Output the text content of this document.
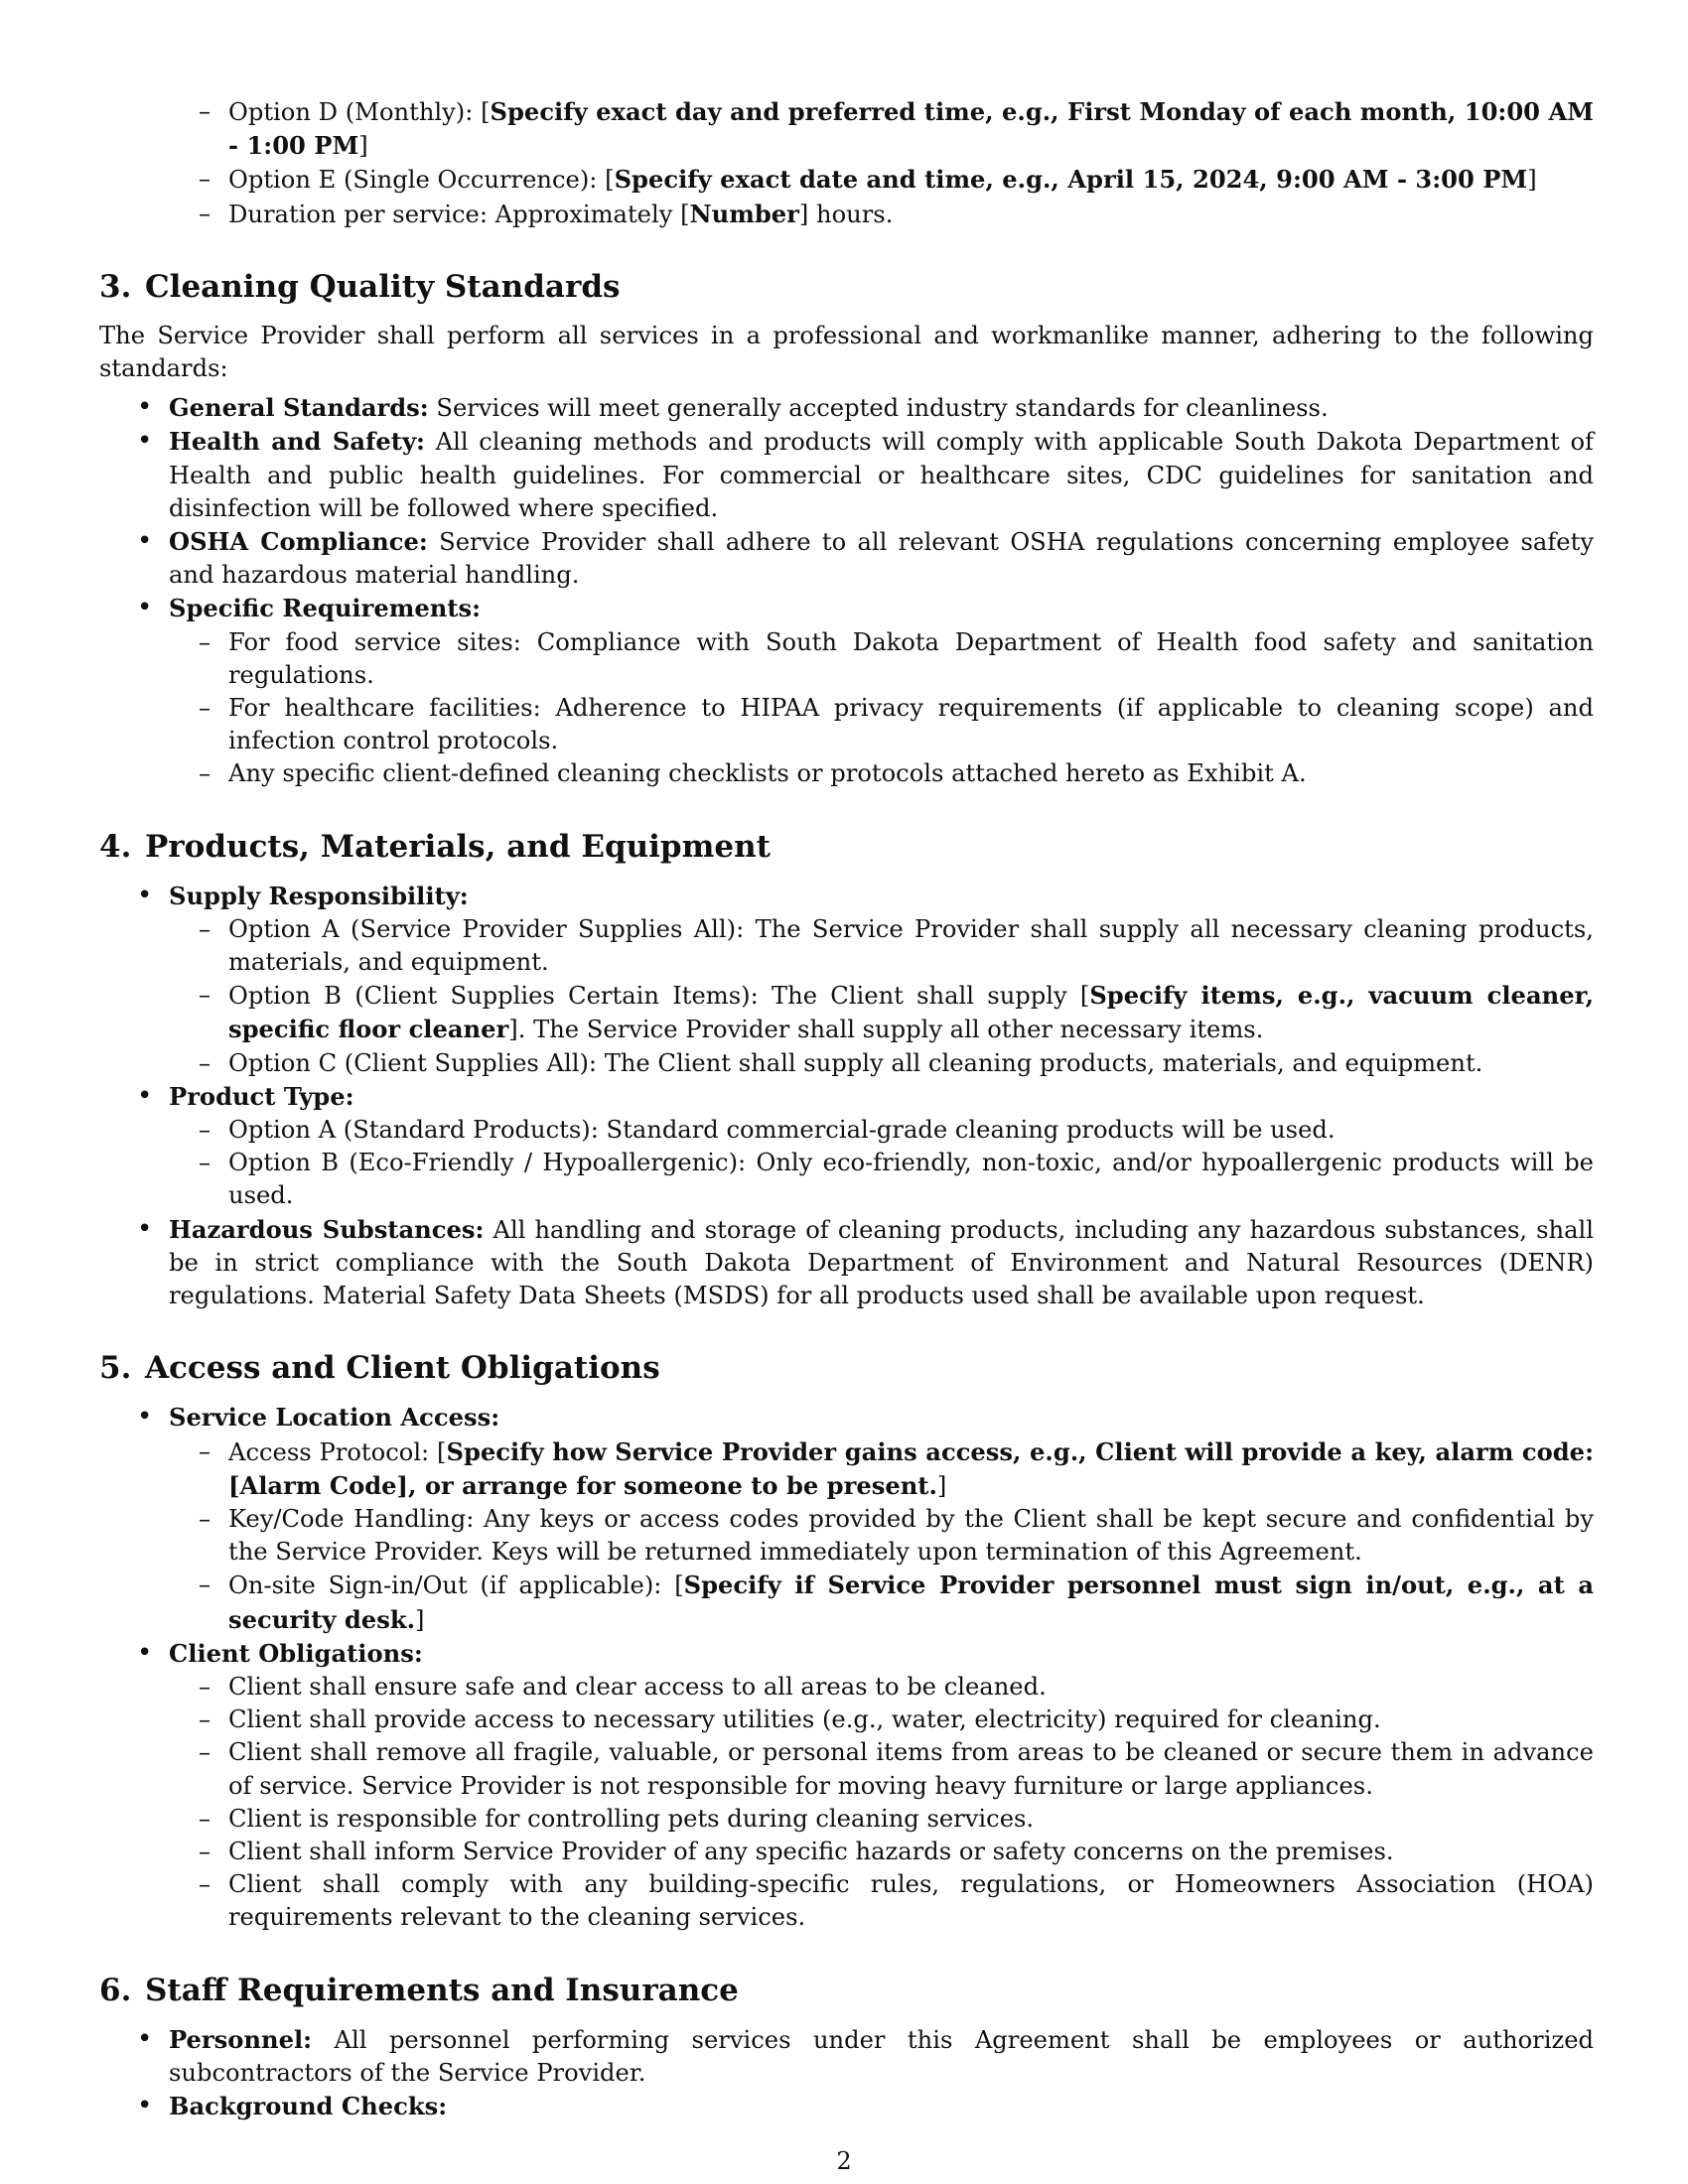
– Option D (Monthly): [Specify exact day and preferred time, e.g., First Monday of each month, 10:00 AM - 1:00 PM]
– Option E (Single Occurrence): [Specify exact date and time, e.g., April 15, 2024, 9:00 AM - 3:00 PM]
– Duration per service: Approximately [Number] hours.
3. Cleaning Quality Standards

The Service Provider shall perform all services in a professional and workmanlike manner, adhering to the following standards:

• General Standards: Services will meet generally accepted industry standards for cleanliness.
• Health and Safety: All cleaning methods and products will comply with applicable South Dakota Department of Health and public health guidelines. For commercial or healthcare sites, CDC guidelines for sanitation and disinfection will be followed where specified.
• OSHA Compliance: Service Provider shall adhere to all relevant OSHA regulations concerning employee safety and hazardous material handling.
• Specific Requirements:
– For food service sites: Compliance with South Dakota Department of Health food safety and sanitation regulations.
– For healthcare facilities: Adherence to HIPAA privacy requirements (if applicable to cleaning scope) and infection control protocols.
– Any specific client-defined cleaning checklists or protocols attached hereto as Exhibit A.
4. Products, Materials, and Equipment
• Supply Responsibility:
– Option A (Service Provider Supplies All): The Service Provider shall supply all necessary cleaning products, materials, and equipment.
– Option B (Client Supplies Certain Items): The Client shall supply [Specify items, e.g., vacuum cleaner, specific floor cleaner]. The Service Provider shall supply all other necessary items.
– Option C (Client Supplies All): The Client shall supply all cleaning products, materials, and equipment.
• Product Type:
– Option A (Standard Products): Standard commercial-grade cleaning products will be used.
– Option B (Eco-Friendly / Hypoallergenic): Only eco-friendly, non-toxic, and/or hypoallergenic products will be used.
• Hazardous Substances: All handling and storage of cleaning products, including any hazardous substances, shall be in strict compliance with the South Dakota Department of Environment and Natural Resources (DENR) regulations. Material Safety Data Sheets (MSDS) for all products used shall be available upon request.
5. Access and Client Obligations
• Service Location Access:
– Access Protocol: [Specify how Service Provider gains access, e.g., Client will provide a key, alarm code: [Alarm Code], or arrange for someone to be present.]
– Key/Code Handling: Any keys or access codes provided by the Client shall be kept secure and confidential by the Service Provider. Keys will be returned immediately upon termination of this Agreement.
– On-site Sign-in/Out (if applicable): [Specify if Service Provider personnel must sign in/out, e.g., at a security desk.]
• Client Obligations:
– Client shall ensure safe and clear access to all areas to be cleaned.
– Client shall provide access to necessary utilities (e.g., water, electricity) required for cleaning.
– Client shall remove all fragile, valuable, or personal items from areas to be cleaned or secure them in advance of service. Service Provider is not responsible for moving heavy furniture or large appliances.
– Client is responsible for controlling pets during cleaning services.
– Client shall inform Service Provider of any specific hazards or safety concerns on the premises.
– Client shall comply with any building-specific rules, regulations, or Homeowners Association (HOA) requirements relevant to the cleaning services.
6. Staff Requirements and Insurance
• Personnel: All personnel performing services under this Agreement shall be employees or authorized subcontractors of the Service Provider.
• Background Checks:
2
